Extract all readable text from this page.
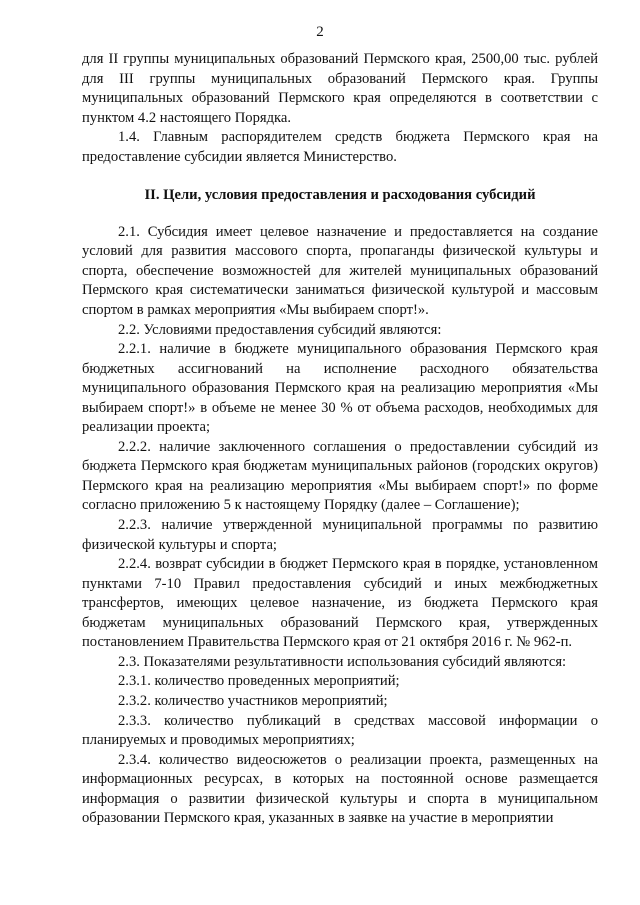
2

для II группы муниципальных образований Пермского края, 2500,00 тыс. рублей для III группы муниципальных образований Пермского края. Группы муниципальных образований Пермского края определяются в соответствии с пунктом 4.2 настоящего Порядка.

1.4. Главным распорядителем средств бюджета Пермского края на предоставление субсидии является Министерство.

II. Цели, условия предоставления и расходования субсидий

2.1. Субсидия имеет целевое назначение и предоставляется на создание условий для развития массового спорта, пропаганды физической культуры и спорта, обеспечение возможностей для жителей муниципальных образований Пермского края систематически заниматься физической культурой и массовым спортом в рамках мероприятия «Мы выбираем спорт!».

2.2. Условиями предоставления субсидий являются:

2.2.1. наличие в бюджете муниципального образования Пермского края бюджетных ассигнований на исполнение расходного обязательства муниципального образования Пермского края на реализацию мероприятия «Мы выбираем спорт!» в объеме не менее 30 % от объема расходов, необходимых для реализации проекта;

2.2.2. наличие заключенного соглашения о предоставлении субсидий из бюджета Пермского края бюджетам муниципальных районов (городских округов) Пермского края на реализацию мероприятия «Мы выбираем спорт!» по форме согласно приложению 5 к настоящему Порядку (далее – Соглашение);

2.2.3. наличие утвержденной муниципальной программы по развитию физической культуры и спорта;

2.2.4. возврат субсидии в бюджет Пермского края в порядке, установленном пунктами 7-10 Правил предоставления субсидий и иных межбюджетных трансфертов, имеющих целевое назначение, из бюджета Пермского края бюджетам муниципальных образований Пермского края, утвержденных постановлением Правительства Пермского края от 21 октября 2016 г. № 962-п.

2.3. Показателями результативности использования субсидий являются:

2.3.1. количество проведенных мероприятий;

2.3.2. количество участников мероприятий;

2.3.3. количество публикаций в средствах массовой информации о планируемых и проводимых мероприятиях;

2.3.4. количество видеосюжетов о реализации проекта, размещенных на информационных ресурсах, в которых на постоянной основе размещается информация о развитии физической культуры и спорта в муниципальном образовании Пермского края, указанных в заявке на участие в мероприятии
